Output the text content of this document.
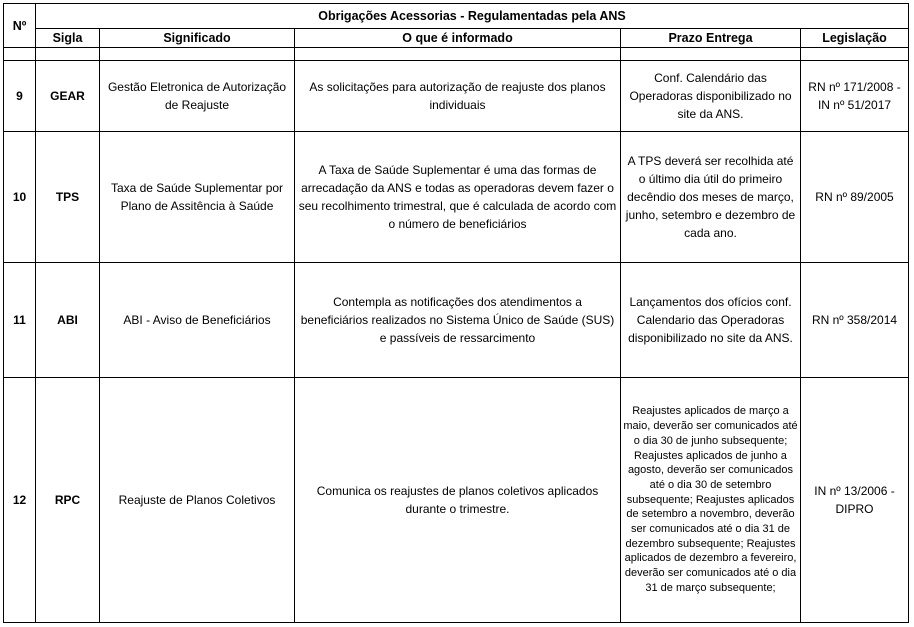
Nº	Obrigações Acessorias - Regulamentadas pela ANS				
	Sigla	Significado	O que é informado	Prazo Entrega	Legislação

9	GEAR	Gestão Eletronica de Autorização de Reajuste	As solicitações para autorização de reajuste dos planos individuais	Conf. Calendário das Operadoras disponibilizado no site da ANS.	RN nº 171/2008 - IN nº 51/2017
10	TPS	Taxa de Saúde Suplementar por Plano de Assitência à Saúde	A Taxa de Saúde Suplementar é uma das formas de arrecadação da ANS e todas as operadoras devem fazer o seu recolhimento trimestral, que é calculada de acordo com o número de beneficiários	A TPS deverá ser recolhida até o último dia útil do primeiro decêndio dos meses de março, junho, setembro e dezembro de cada ano.	RN nº 89/2005
11	ABI	ABI - Aviso de Beneficiários	Contempla as notificações dos atendimentos a beneficiários realizados no Sistema Único de Saúde (SUS) e passíveis de ressarcimento	Lançamentos dos ofícios conf. Calendario das Operadoras disponibilizado no site da ANS.	RN nº 358/2014
12	RPC	Reajuste de Planos Coletivos	Comunica os reajustes de planos coletivos aplicados durante o trimestre.	Reajustes aplicados de março a maio, deverão ser comunicados até o dia 30 de junho subsequente; Reajustes aplicados de junho a agosto, deverão ser comunicados até o dia 30 de setembro subsequente; Reajustes aplicados de setembro a novembro, deverão ser comunicados até o dia 31 de dezembro subsequente; Reajustes aplicados de dezembro a fevereiro, deverão ser comunicados até o dia 31 de março subsequente;	IN nº 13/2006 - DIPRO
